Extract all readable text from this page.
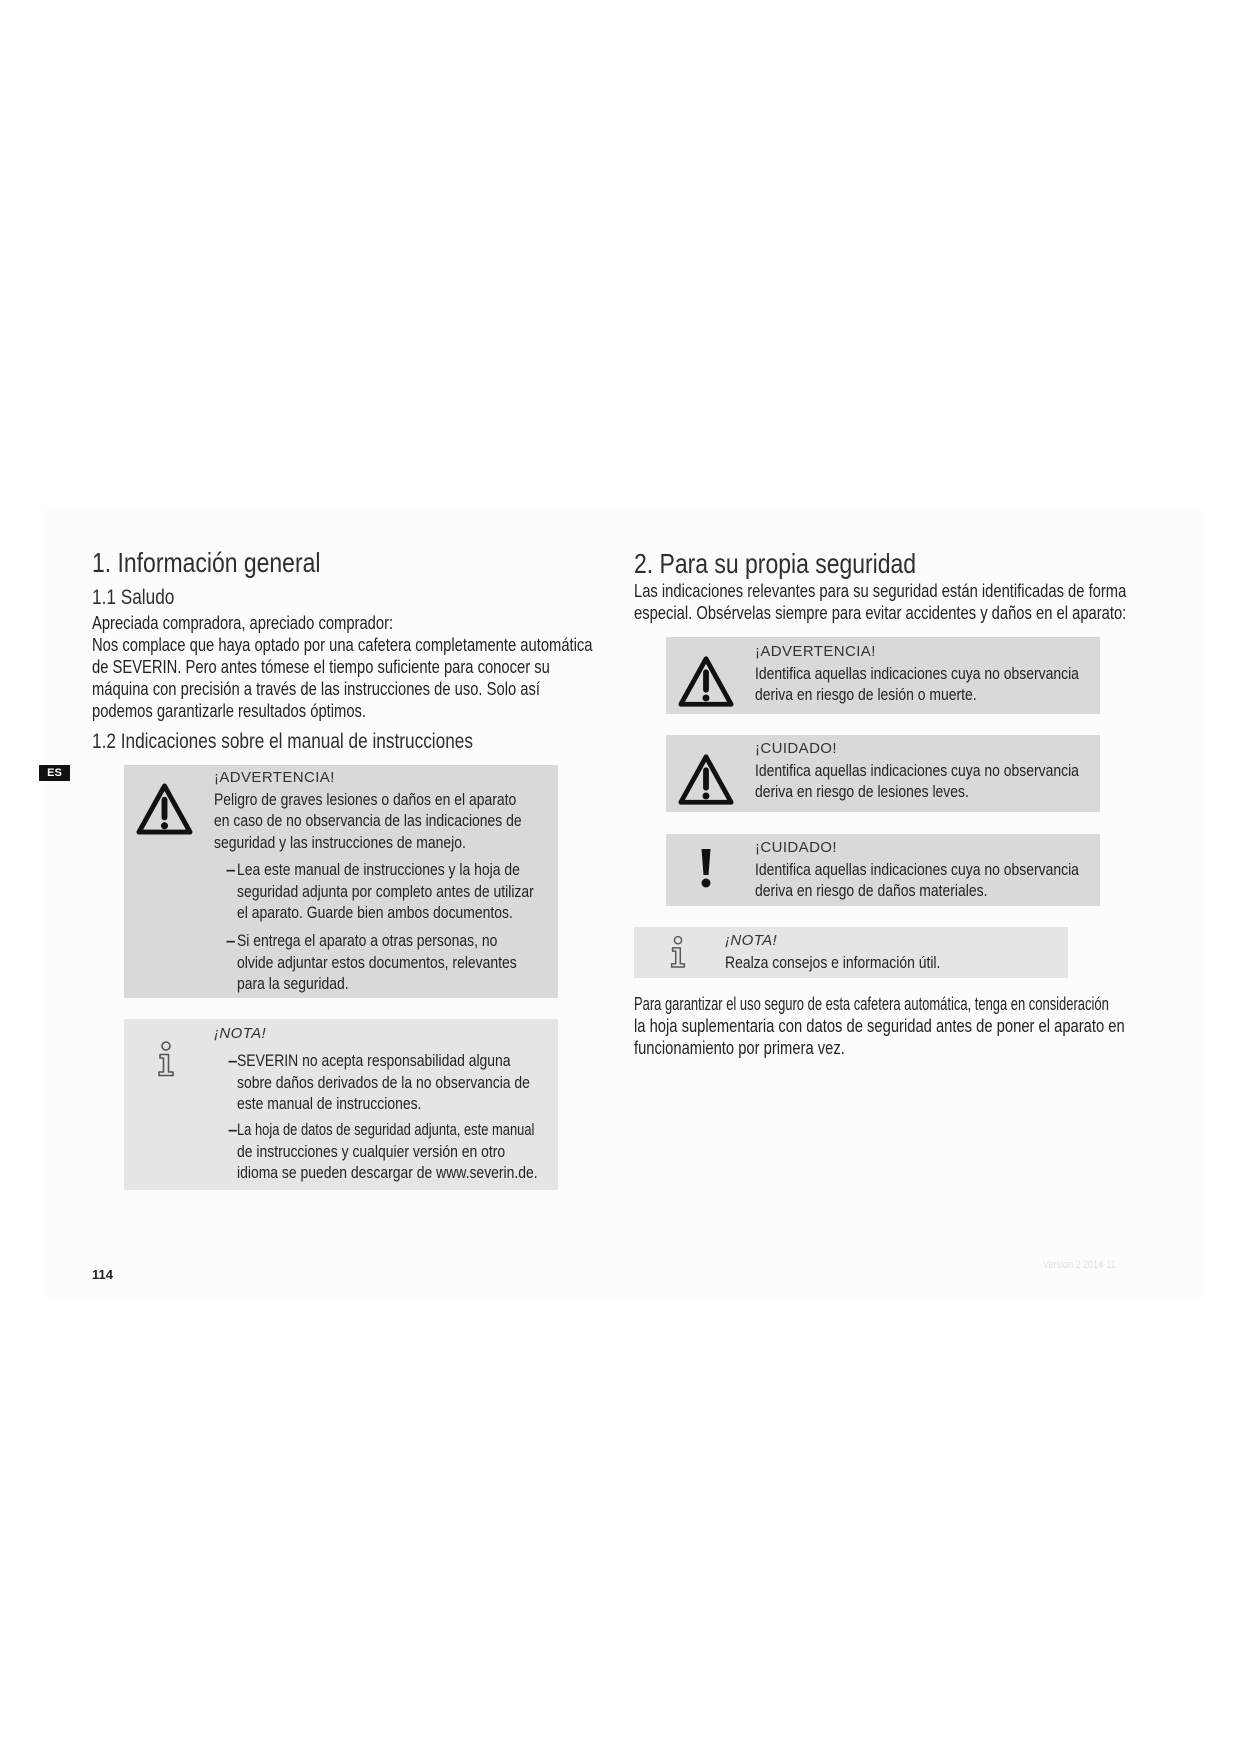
ES
1. Información general
1.1 Saludo
Apreciada compradora, apreciado comprador:
Nos complace que haya optado por una cafetera completamente automática
de SEVERIN. Pero antes tómese el tiempo suficiente para conocer su
máquina con precisión a través de las instrucciones de uso. Solo así
podemos garantizarle resultados óptimos.
1.2 Indicaciones sobre el manual de instrucciones
¡ADVERTENCIA!
Peligro de graves lesiones o daños en el aparato
en caso de no observancia de las indicaciones de
seguridad y las instrucciones de manejo.
– Lea este manual de instrucciones y la hoja de
seguridad adjunta por completo antes de utilizar
el aparato. Guarde bien ambos documentos.
– Si entrega el aparato a otras personas, no
olvide adjuntar estos documentos, relevantes
para la seguridad.
¡NOTA!
– SEVERIN no acepta responsabilidad alguna
sobre daños derivados de la no observancia de
este manual de instrucciones.
– La hoja de datos de seguridad adjunta, este manual
de instrucciones y cualquier versión en otro
idioma se pueden descargar de www.severin.de.
2. Para su propia seguridad
Las indicaciones relevantes para su seguridad están identificadas de forma
especial. Obsérvelas siempre para evitar accidentes y daños en el aparato:
¡ADVERTENCIA!
Identifica aquellas indicaciones cuya no observancia
deriva en riesgo de lesión o muerte.
¡CUIDADO!
Identifica aquellas indicaciones cuya no observancia
deriva en riesgo de lesiones leves.
¡CUIDADO!
Identifica aquellas indicaciones cuya no observancia
deriva en riesgo de daños materiales.
¡NOTA!
Realza consejos e información útil.
Para garantizar el uso seguro de esta cafetera automática, tenga en consideración
la hoja suplementaria con datos de seguridad antes de poner el aparato en
funcionamiento por primera vez.
114
Version 2 2014-11
